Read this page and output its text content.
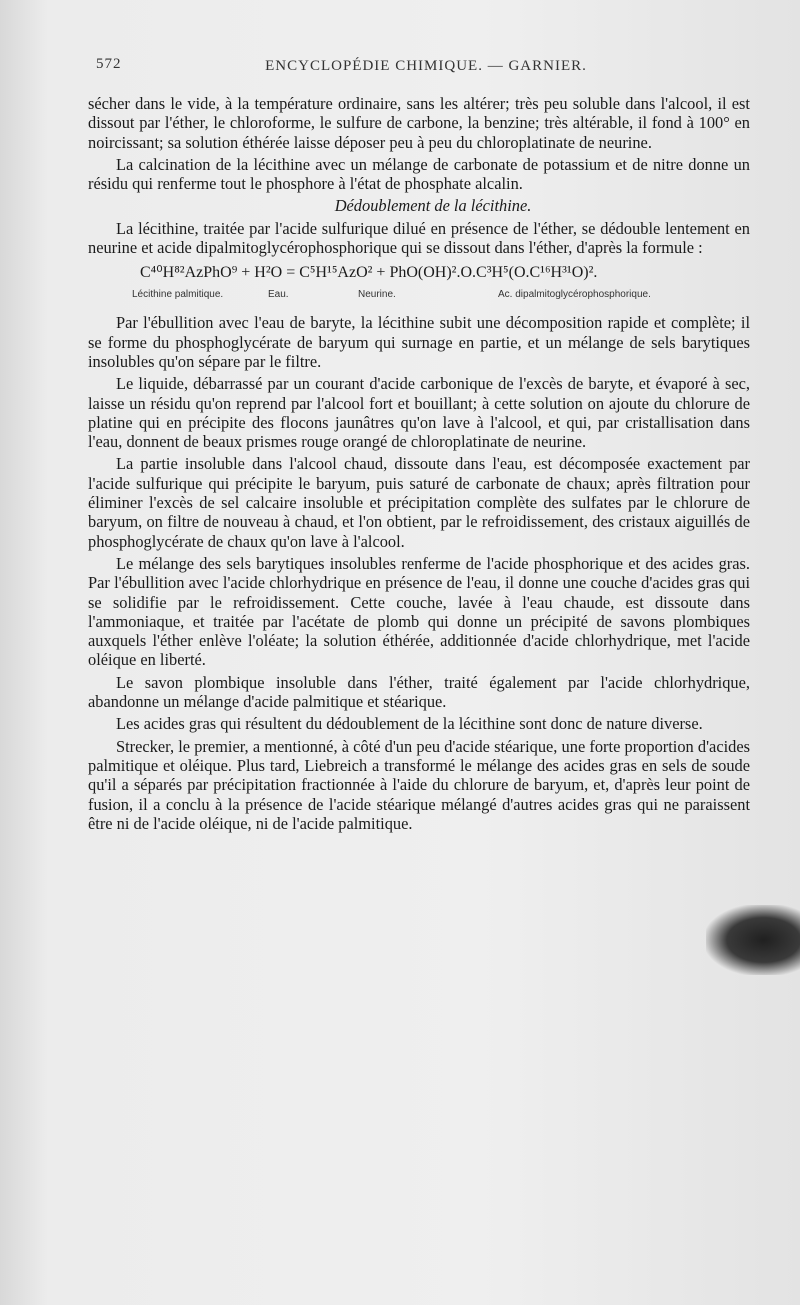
572	ENCYCLOPÉDIE CHIMIQUE. — GARNIER.

sécher dans le vide, à la température ordinaire, sans les altérer; très peu soluble dans l'alcool, il est dissout par l'éther, le chloroforme, le sulfure de carbone, la benzine; très altérable, il fond à 100° en noircissant; sa solution éthérée laisse déposer peu à peu du chloroplatinate de neurine.

La calcination de la lécithine avec un mélange de carbonate de potassium et de nitre donne un résidu qui renferme tout le phosphore à l'état de phosphate alcalin.

Dédoublement de la lécithine.

La lécithine, traitée par l'acide sulfurique dilué en présence de l'éther, se dédouble lentement en neurine et acide dipalmitoglycérophosphorique qui se dissout dans l'éther, d'après la formule :

C⁴⁰H⁸²AzPhO⁹ + H²O = C⁵H¹⁵AzO² + PhO(OH)².O.C³H⁵(O.C¹⁶H³¹O)².
Lécithine palmitique.	Eau.	Neurine.	Ac. dipalmitoglycérophosphorique.

Par l'ébullition avec l'eau de baryte, la lécithine subit une décomposition rapide et complète; il se forme du phosphoglycérate de baryum qui surnage en partie, et un mélange de sels barytiques insolubles qu'on sépare par le filtre.

Le liquide, débarrassé par un courant d'acide carbonique de l'excès de baryte, et évaporé à sec, laisse un résidu qu'on reprend par l'alcool fort et bouillant; à cette solution on ajoute du chlorure de platine qui en précipite des flocons jaunâtres qu'on lave à l'alcool, et qui, par cristallisation dans l'eau, donnent de beaux prismes rouge orangé de chloroplatinate de neurine.

La partie insoluble dans l'alcool chaud, dissoute dans l'eau, est décomposée exactement par l'acide sulfurique qui précipite le baryum, puis saturé de carbonate de chaux; après filtration pour éliminer l'excès de sel calcaire insoluble et précipitation complète des sulfates par le chlorure de baryum, on filtre de nouveau à chaud, et l'on obtient, par le refroidissement, des cristaux aiguillés de phosphoglycérate de chaux qu'on lave à l'alcool.

Le mélange des sels barytiques insolubles renferme de l'acide phosphorique et des acides gras. Par l'ébullition avec l'acide chlorhydrique en présence de l'eau, il donne une couche d'acides gras qui se solidifie par le refroidissement. Cette couche, lavée à l'eau chaude, est dissoute dans l'ammoniaque, et traitée par l'acétate de plomb qui donne un précipité de savons plombiques auxquels l'éther enlève l'oléate; la solution éthérée, additionnée d'acide chlorhydrique, met l'acide oléique en liberté.

Le savon plombique insoluble dans l'éther, traité également par l'acide chlorhydrique, abandonne un mélange d'acide palmitique et stéarique.

Les acides gras qui résultent du dédoublement de la lécithine sont donc de nature diverse.

Strecker, le premier, a mentionné, à côté d'un peu d'acide stéarique, une forte proportion d'acides palmitique et oléique. Plus tard, Liebreich a transformé le mélange des acides gras en sels de soude qu'il a séparés par précipitation fractionnée à l'aide du chlorure de baryum, et, d'après leur point de fusion, il a conclu à la présence de l'acide stéarique mélangé d'autres acides gras qui ne paraissent être ni de l'acide oléique, ni de l'acide palmitique.
